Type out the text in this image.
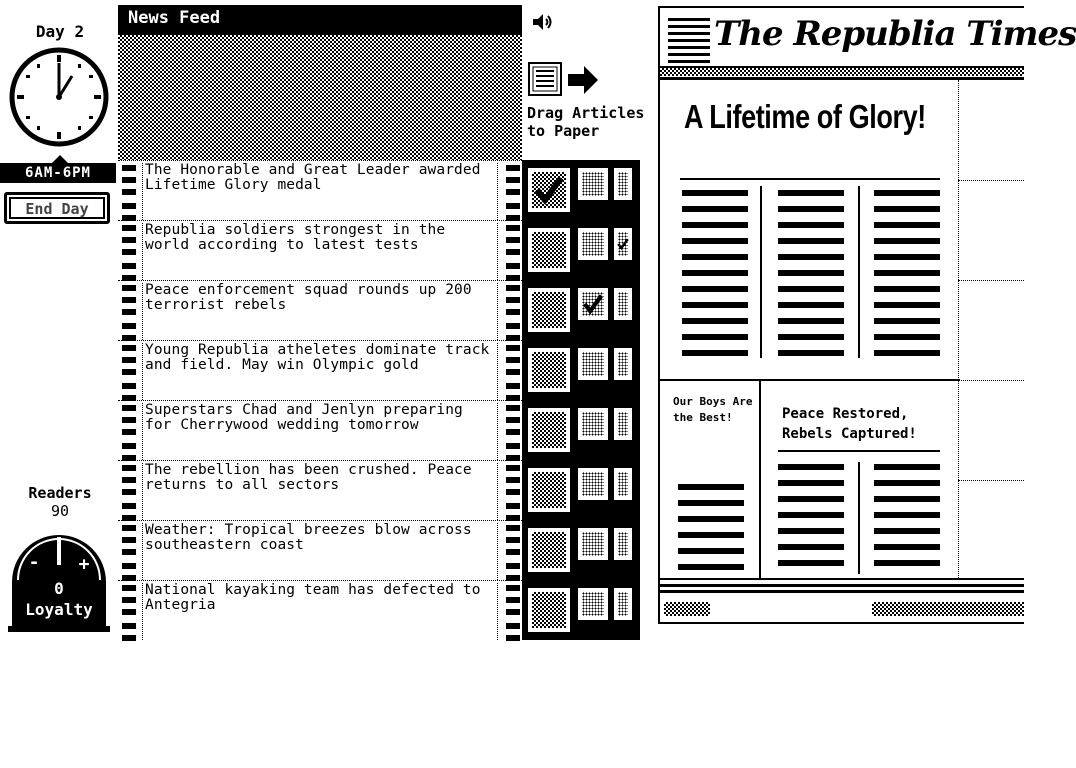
Day 2
6AM-6PM
End Day
Readers
90
- +
0
Loyalty
News Feed
The Honorable and Great Leader awarded Lifetime Glory medal
Republia soldiers strongest in the world according to latest tests
Peace enforcement squad rounds up 200 terrorist rebels
Young Republia atheletes dominate track and field. May win Olympic gold
Superstars Chad and Jenlyn preparing for Cherrywood wedding tomorrow
The rebellion has been crushed. Peace returns to all sectors
Weather: Tropical breezes blow across southeastern coast
National kayaking team has defected to Antegria
Drag Articles to Paper
The Republia Times
A Lifetime of Glory!
Our Boys Are the Best!	Peace Restored, Rebels Captured!
